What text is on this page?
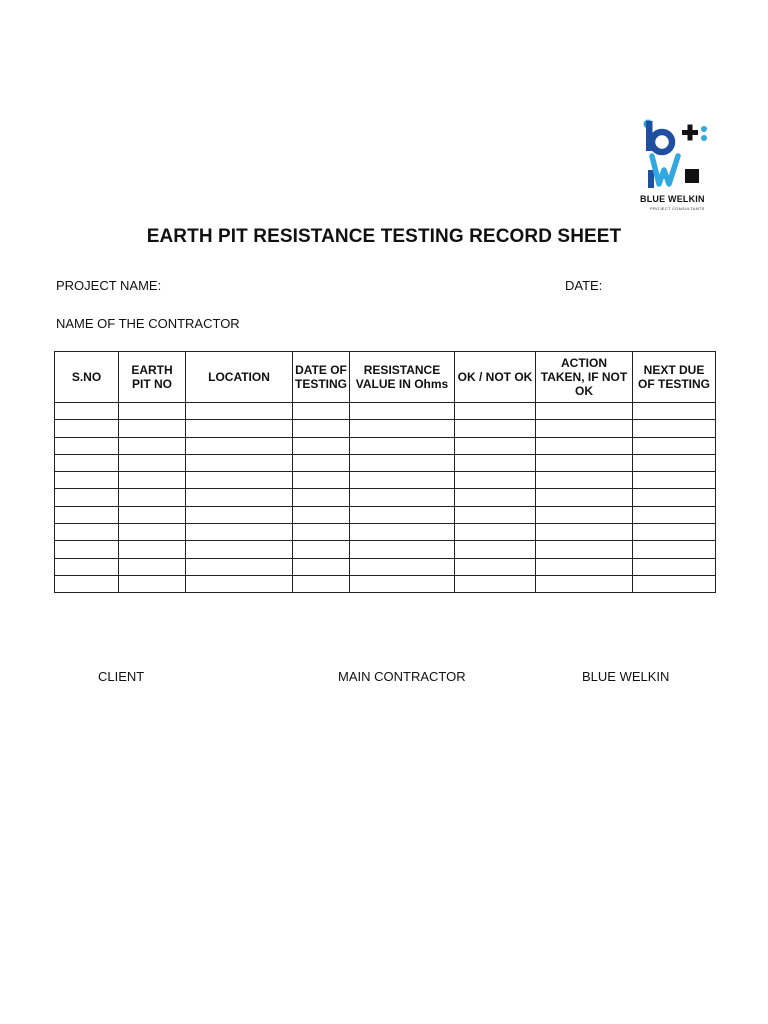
BLUE WELKIN
PROJECT CONSULTANTS
EARTH PIT RESISTANCE TESTING RECORD SHEET
PROJECT NAME:	DATE:
NAME OF THE CONTRACTOR
S.NO	EARTH PIT NO	LOCATION	DATE OF TESTING	RESISTANCE VALUE IN Ohms	OK / NOT OK	ACTION TAKEN, IF NOT OK	NEXT DUE OF TESTING

CLIENT	MAIN CONTRACTOR	BLUE WELKIN
